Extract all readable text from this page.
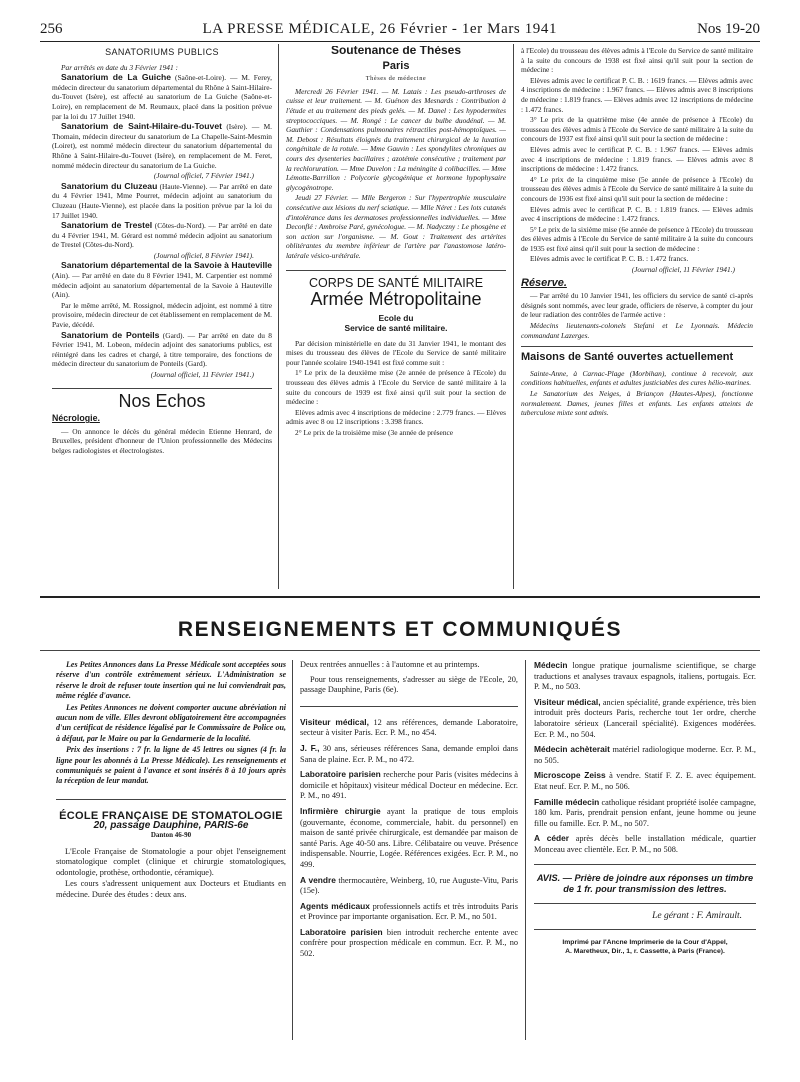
256	LA PRESSE MÉDICALE, 26 Février - 1er Mars 1941	Nos 19-20
SANATORIUMS PUBLICS

Par arrêtés en date du 3 Février 1941 :

Sanatorium de La Guiche (Saône-et-Loire). — M. Ferey, médecin directeur du sanatorium départemental du Rhône à Saint-Hilaire-du-Touvet (Isère), est affecté au sanatorium de La Guiche (Saône-et-Loire), en remplacement de M. Reumaux, placé dans la position prévue par la loi du 17 Juillet 1940.

Sanatorium de Saint-Hilaire-du-Touvet (Isère). — M. Thomain, médecin directeur du sanatorium de La Chapelle-Saint-Mesmin (Loiret), est nommé médecin directeur du sanatorium départemental du Rhône à Saint-Hilaire-du-Touvet (Isère), en remplacement de M. Feret, nommé médecin directeur du sanatorium de La Guiche.

(Journal officiel, 7 Février 1941.)

Sanatorium du Cluzeau (Haute-Vienne). — Par arrêté en date du 4 Février 1941, Mme Pourret, médecin adjoint au sanatorium du Cluzeau (Haute-Vienne), est placée dans la position prévue par la loi du 17 Juillet 1940.

Sanatorium de Trestel (Côtes-du-Nord). — Par arrêté en date du 4 Février 1941, M. Gérard est nommé médecin adjoint au sanatorium de Trestel (Côtes-du-Nord).

(Journal officiel, 8 Février 1941).

Sanatorium départemental de la Savoie à Hauteville (Ain). — Par arrêté en date du 8 Février 1941, M. Carpentier est nommé médecin adjoint au sanatorium départemental de la Savoie à Hauteville (Ain).

Par le même arrêté, M. Rossignol, médecin adjoint, est nommé à titre provisoire, médecin directeur de cet établissement en remplacement de M. Pavie, décédé.

Sanatorium de Ponteils (Gard). — Par arrêté en date du 8 Février 1941, M. Lobeon, médecin adjoint des sanatoriums publics, est réintégré dans les cadres et chargé, à titre temporaire, des fonctions de médecin directeur du sanatorium de Ponteils (Gard).

(Journal officiel, 11 Février 1941.)

Nos Echos
Nécrologie.

— On annonce le décès du général médecin Etienne Henrard, de Bruxelles, président d'honneur de l'Union professionnelle des Médecins belges radiologistes et électrologistes.

Soutenance de Thèses
Paris
Thèses de médecine

Mercredi 26 Février 1941. — M. Latais : Les pseudo-arthroses de cuisse et leur traitement. — M. Guénon des Mesnards : Contribution à l'étude et au traitement des pieds gelés. — M. Danel : Les hypodermites streptococciques. — M. Rongé : Le cancer du bulbe duodénal. — M. Gauthier : Condensations pulmonaires rétractiles post-hémoptoïques. — M. Debost : Résultats éloignés du traitement chirurgical de la luxation congénitale de la rotule. — Mme Gauvin : Les spondylites chroniques au cours des dysenteries bacillaires ; azotémie consécutive ; traitement par la rechloruration. — Mme Duvelon : La méningite à colibacilles. — Mme Lémotte-Barrillon : Polycorie glycogénique et hormone hypophysaire glycogénotrope.

Jeudi 27 Février. — Mlle Bergeron : Sur l'hypertrophie musculaire consécutive aux lésions du nerf sciatique. — Mlle Néret : Les lots cutanés d'intolérance dans les dermatoses professionnelles individuelles. — Mme Deconflé : Ambroise Paré, gynécologue. — M. Nadyczny : Le phosgène et son action sur l'organisme. — M. Gout : Traitement des artérites oblitérantes du membre inférieur de l'artère par l'anastomose latéro-latérale vésico-urétérale.

CORPS DE SANTÉ MILITAIRE
Armée Métropolitaine
Ecole du
Service de santé militaire.

Par décision ministérielle en date du 31 Janvier 1941, le montant des mises du trousseau des élèves de l'Ecole du Service de santé militaire pour l'année scolaire 1940-1941 est fixé comme suit :

1° Le prix de la deuxième mise (2e année de présence à l'Ecole) du trousseau des élèves admis à l'Ecole du Service de santé militaire à la suite du concours de 1939 est fixé ainsi qu'il suit pour la section de médecine :

Elèves admis avec 4 inscriptions de médecine : 2.779 francs. — Elèves admis avec 8 ou 12 inscriptions : 3.398 francs.

2° Le prix de la troisième mise (3e année de présence

à l'Ecole) du trousseau des élèves admis à l'Ecole du Service de santé militaire à la suite du concours de 1938 est fixé ainsi qu'il suit pour la section de médecine :

Elèves admis avec le certificat P. C. B. : 1619 francs. — Elèves admis avec 4 inscriptions de médecine : 1.967 francs. — Elèves admis avec 8 inscriptions de médecine : 1.819 francs. — Elèves admis avec 12 inscriptions de médecine : 1.472 francs.

3° Le prix de la quatrième mise (4e année de présence à l'Ecole) du trousseau des élèves admis à l'Ecole du Service de santé militaire à la suite du concours de 1937 est fixé ainsi qu'il suit pour la section de médecine :

Elèves admis avec le certificat P. C. B. : 1.967 francs. — Elèves admis avec 4 inscriptions de médecine : 1.819 francs. — Elèves admis avec 8 inscriptions de médecine : 1.472 francs.

4° Le prix de la cinquième mise (5e année de présence à l'Ecole) du trousseau des élèves admis à l'Ecole du Service de santé militaire à la suite du concours de 1936 est fixé ainsi qu'il suit pour la section de médecine :

Elèves admis avec le certificat P. C. B. : 1.819 francs. — Elèves admis avec 4 inscriptions de médecine : 1.472 francs.

5° Le prix de la sixième mise (6e année de présence à l'Ecole) du trousseau des élèves admis à l'Ecole du Service de santé militaire à la suite du concours de 1935 est fixé ainsi qu'il suit pour la section de médecine :

Elèves admis avec le certificat P. C. B. : 1.472 francs.

(Journal officiel, 11 Février 1941.)

Réserve.

— Par arrêté du 10 Janvier 1941, les officiers du service de santé ci-après désignés sont nommés, avec leur grade, officiers de réserve, à compter du jour de leur radiation des contrôles de l'armée active :

Médecins lieutenants-colonels Stefani et Le Lyonnais. Médecin commandant Lazerges.

Maisons de Santé ouvertes actuellement

Sainte-Anne, à Carnac-Plage (Morbihan), continue à recevoir, aux conditions habituelles, enfants et adultes justiciables des cures hélio-marines.

Le Sanatorium des Neiges, à Briançon (Hautes-Alpes), fonctionne normalement. Dames, jeunes filles et enfants. Les enfants atteints de tuberculose mixte sont admis.

RENSEIGNEMENTS ET COMMUNIQUÉS

Les Petites Annonces dans La Presse Médicale sont acceptées sous réserve d'un contrôle extrêmement sérieux. L'Administration se réserve le droit de refuser toute insertion qui ne lui conviendrait pas, même réglée d'avance.

Les Petites Annonces ne doivent comporter aucune abréviation ni aucun nom de ville. Elles devront obligatoirement être accompagnées d'un certificat de résidence légalisé par le Commissaire de Police ou, à défaut, par le Maire ou par la Gendarmerie de la localité.

Prix des insertions : 7 fr. la ligne de 45 lettres ou signes (4 fr. la ligne pour les abonnés à La Presse Médicale). Les renseignements et communiqués se paient à l'avance et sont insérés 8 à 10 jours après la réception de leur mandat.

ÉCOLE FRANÇAISE DE STOMATOLOGIE
20, passage Dauphine, PARIS-6e
Danton 46-90

L'Ecole Française de Stomatologie a pour objet l'enseignement stomatologique complet (clinique et chirurgie stomatologiques, odontologie, prothèse, orthodontie, céramique).

Les cours s'adressent uniquement aux Docteurs et Etudiants en médecine. Durée des études : deux ans.

Deux rentrées annuelles : à l'automne et au printemps.

Pour tous renseignements, s'adresser au siège de l'Ecole, 20, passage Dauphine, Paris (6e).

Visiteur médical, 12 ans références, demande Laboratoire, secteur à visiter Paris. Ecr. P. M., no 454.

J. F., 30 ans, sérieuses références Sana, demande emploi dans Sana de plaine. Ecr. P. M., no 472.

Laboratoire parisien recherche pour Paris (visites médecins à domicile et hôpitaux) visiteur médical Docteur en médecine. Ecr. P. M., no 491.

Infirmière chirurgie ayant la pratique de tous emplois (gouvernante, économe, commerciale, habit. du personnel) en maison de santé privée chirurgicale, est demandée par maison de santé Paris. Age 40-50 ans. Libre. Célibataire ou veuve. Présence indispensable. Nourrie, Logée. Références exigées. Ecr. P. M., no 499.

A vendre thermocautère, Weinberg, 10, rue Auguste-Vitu, Paris (15e).

Agents médicaux professionnels actifs et très introduits Paris et Province par importante organisation. Ecr. P. M., no 501.

Laboratoire parisien bien introduit recherche entente avec confrère pour prospection médicale en commun. Ecr. P. M., no 502.

Médecin longue pratique journalisme scientifique, se charge traductions et analyses travaux espagnols, italiens, portugais. Ecr. P. M., no 503.

Visiteur médical, ancien spécialité, grande expérience, très bien introduit près docteurs Paris, recherche tout 1er ordre, cherche laboratoire sérieux (Lancerail spécialité). Exigences modérées. Ecr. P. M., no 504.

Médecin achèterait matériel radiologique moderne. Ecr. P. M., no 505.

Microscope Zeiss à vendre. Statif F. Z. E. avec équipement. Etat neuf. Ecr. P. M., no 506.

Famille médecin catholique résidant propriété isolée campagne, 180 km. Paris, prendrait pension enfant, jeune homme ou jeune fille ou famille. Ecr. P. M., no 507.

A céder après décès belle installation médicale, quartier Monceau avec clientèle. Ecr. P. M., no 508.

AVIS. — Prière de joindre aux réponses un timbre de 1 fr. pour transmission des lettres.
Le gérant : F. Amirault.
Imprimé par l'Ancne Imprimerie de la Cour d'Appel,
A. Maretheux, Dir., 1, r. Cassette, à Paris (France).
